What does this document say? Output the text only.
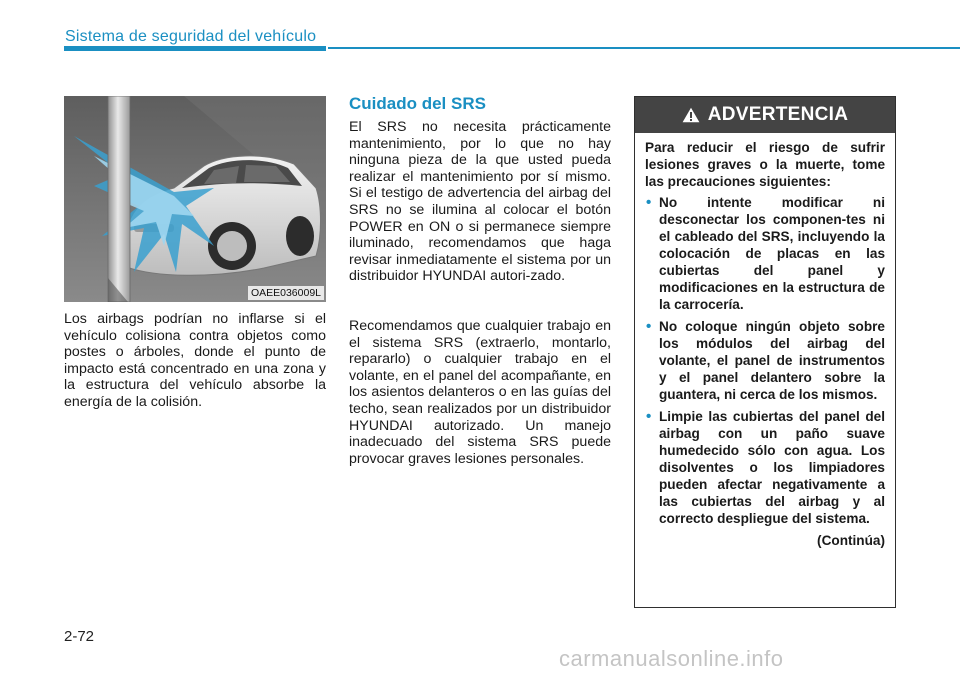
Sistema de seguridad del vehículo
OAEE036009L

Los airbags podrían no inflarse si el vehículo colisiona contra objetos como postes o árboles, donde el punto de impacto está concentrado en una zona y la estructura del vehículo absorbe la energía de la colisión.

Cuidado del SRS

El SRS no necesita prácticamente mantenimiento, por lo que no hay ninguna pieza de la que usted pueda realizar el mantenimiento por sí mismo. Si el testigo de advertencia del airbag del SRS no se ilumina al colocar el botón POWER en ON o si permanece siempre iluminado, recomendamos que haga revisar inmediatamente el sistema por un distribuidor HYUNDAI autori-zado.

Recomendamos que cualquier trabajo en el sistema SRS (extraerlo, montarlo, repararlo) o cualquier trabajo en el volante, en el panel del acompañante, en los asientos delanteros o en las guías del techo, sean realizados por un distribuidor HYUNDAI autorizado. Un manejo inadecuado del sistema SRS puede provocar graves lesiones personales.

ADVERTENCIA

Para reducir el riesgo de sufrir lesiones graves o la muerte, tome las precauciones siguientes:

• No intente modificar ni desconectar los componen-tes ni el cableado del SRS, incluyendo la colocación de placas en las cubiertas del panel y modificaciones en la estructura de la carrocería.
• No coloque ningún objeto sobre los módulos del airbag del volante, el panel de instrumentos y el panel delantero sobre la guantera, ni cerca de los mismos.
• Limpie las cubiertas del panel del airbag con un paño suave humedecido sólo con agua. Los disolventes o los limpiadores pueden afectar negativamente a las cubiertas del airbag y al correcto despliegue del sistema.
(Continúa)
2-72
carmanualsonline.info
